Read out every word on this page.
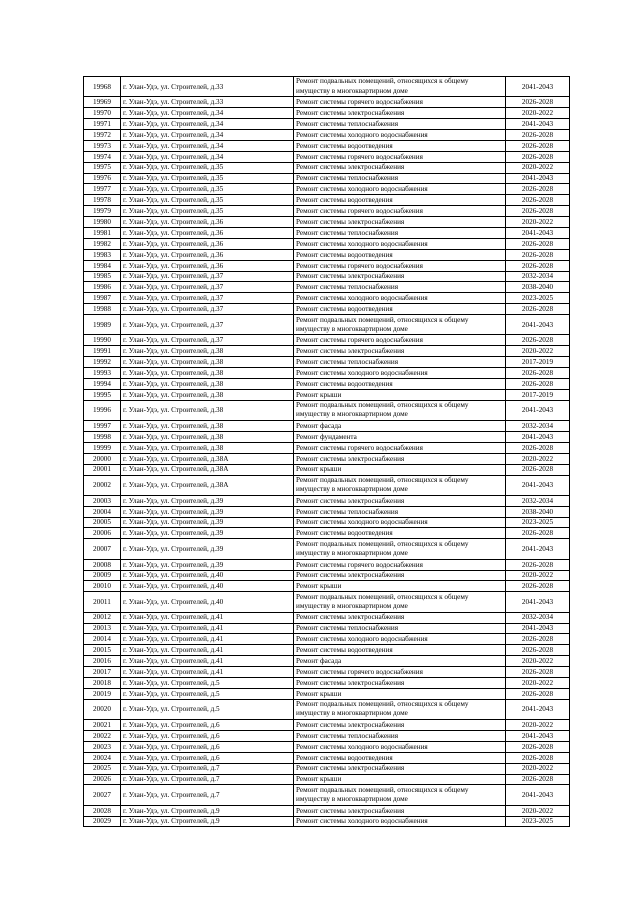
19968	г. Улан-Удэ, ул. Строителей, д.33	Ремонт подвальных помещений, относящихся к общему имуществу в многоквартирном доме	2041-2043
19969	г. Улан-Удэ, ул. Строителей, д.33	Ремонт системы горячего водоснабжения	2026-2028
19970	г. Улан-Удэ, ул. Строителей, д.34	Ремонт системы электроснабжения	2020-2022
19971	г. Улан-Удэ, ул. Строителей, д.34	Ремонт системы теплоснабжения	2041-2043
19972	г. Улан-Удэ, ул. Строителей, д.34	Ремонт системы холодного водоснабжения	2026-2028
19973	г. Улан-Удэ, ул. Строителей, д.34	Ремонт системы водоотведения	2026-2028
19974	г. Улан-Удэ, ул. Строителей, д.34	Ремонт системы горячего водоснабжения	2026-2028
19975	г. Улан-Удэ, ул. Строителей, д.35	Ремонт системы электроснабжения	2020-2022
19976	г. Улан-Удэ, ул. Строителей, д.35	Ремонт системы теплоснабжения	2041-2043
19977	г. Улан-Удэ, ул. Строителей, д.35	Ремонт системы холодного водоснабжения	2026-2028
19978	г. Улан-Удэ, ул. Строителей, д.35	Ремонт системы водоотведения	2026-2028
19979	г. Улан-Удэ, ул. Строителей, д.35	Ремонт системы горячего водоснабжения	2026-2028
19980	г. Улан-Удэ, ул. Строителей, д.36	Ремонт системы электроснабжения	2020-2022
19981	г. Улан-Удэ, ул. Строителей, д.36	Ремонт системы теплоснабжения	2041-2043
19982	г. Улан-Удэ, ул. Строителей, д.36	Ремонт системы холодного водоснабжения	2026-2028
19983	г. Улан-Удэ, ул. Строителей, д.36	Ремонт системы водоотведения	2026-2028
19984	г. Улан-Удэ, ул. Строителей, д.36	Ремонт системы горячего водоснабжения	2026-2028
19985	г. Улан-Удэ, ул. Строителей, д.37	Ремонт системы электроснабжения	2032-2034
19986	г. Улан-Удэ, ул. Строителей, д.37	Ремонт системы теплоснабжения	2038-2040
19987	г. Улан-Удэ, ул. Строителей, д.37	Ремонт системы холодного водоснабжения	2023-2025
19988	г. Улан-Удэ, ул. Строителей, д.37	Ремонт системы водоотведения	2026-2028
19989	г. Улан-Удэ, ул. Строителей, д.37	Ремонт подвальных помещений, относящихся к общему имуществу в многоквартирном доме	2041-2043
19990	г. Улан-Удэ, ул. Строителей, д.37	Ремонт системы горячего водоснабжения	2026-2028
19991	г. Улан-Удэ, ул. Строителей, д.38	Ремонт системы электроснабжения	2020-2022
19992	г. Улан-Удэ, ул. Строителей, д.38	Ремонт системы теплоснабжения	2017-2019
19993	г. Улан-Удэ, ул. Строителей, д.38	Ремонт системы холодного водоснабжения	2026-2028
19994	г. Улан-Удэ, ул. Строителей, д.38	Ремонт системы водоотведения	2026-2028
19995	г. Улан-Удэ, ул. Строителей, д.38	Ремонт крыши	2017-2019
19996	г. Улан-Удэ, ул. Строителей, д.38	Ремонт подвальных помещений, относящихся к общему имуществу в многоквартирном доме	2041-2043
19997	г. Улан-Удэ, ул. Строителей, д.38	Ремонт фасада	2032-2034
19998	г. Улан-Удэ, ул. Строителей, д.38	Ремонт фундамента	2041-2043
19999	г. Улан-Удэ, ул. Строителей, д.38	Ремонт системы горячего водоснабжения	2026-2028
20000	г. Улан-Удэ, ул. Строителей, д.38А	Ремонт системы электроснабжения	2020-2022
20001	г. Улан-Удэ, ул. Строителей, д.38А	Ремонт крыши	2026-2028
20002	г. Улан-Удэ, ул. Строителей, д.38А	Ремонт подвальных помещений, относящихся к общему имуществу в многоквартирном доме	2041-2043
20003	г. Улан-Удэ, ул. Строителей, д.39	Ремонт системы электроснабжения	2032-2034
20004	г. Улан-Удэ, ул. Строителей, д.39	Ремонт системы теплоснабжения	2038-2040
20005	г. Улан-Удэ, ул. Строителей, д.39	Ремонт системы холодного водоснабжения	2023-2025
20006	г. Улан-Удэ, ул. Строителей, д.39	Ремонт системы водоотведения	2026-2028
20007	г. Улан-Удэ, ул. Строителей, д.39	Ремонт подвальных помещений, относящихся к общему имуществу в многоквартирном доме	2041-2043
20008	г. Улан-Удэ, ул. Строителей, д.39	Ремонт системы горячего водоснабжения	2026-2028
20009	г. Улан-Удэ, ул. Строителей, д.40	Ремонт системы электроснабжения	2020-2022
20010	г. Улан-Удэ, ул. Строителей, д.40	Ремонт крыши	2026-2028
20011	г. Улан-Удэ, ул. Строителей, д.40	Ремонт подвальных помещений, относящихся к общему имуществу в многоквартирном доме	2041-2043
20012	г. Улан-Удэ, ул. Строителей, д.41	Ремонт системы электроснабжения	2032-2034
20013	г. Улан-Удэ, ул. Строителей, д.41	Ремонт системы теплоснабжения	2041-2043
20014	г. Улан-Удэ, ул. Строителей, д.41	Ремонт системы холодного водоснабжения	2026-2028
20015	г. Улан-Удэ, ул. Строителей, д.41	Ремонт системы водоотведения	2026-2028
20016	г. Улан-Удэ, ул. Строителей, д.41	Ремонт фасада	2020-2022
20017	г. Улан-Удэ, ул. Строителей, д.41	Ремонт системы горячего водоснабжения	2026-2028
20018	г. Улан-Удэ, ул. Строителей, д.5	Ремонт системы электроснабжения	2020-2022
20019	г. Улан-Удэ, ул. Строителей, д.5	Ремонт крыши	2026-2028
20020	г. Улан-Удэ, ул. Строителей, д.5	Ремонт подвальных помещений, относящихся к общему имуществу в многоквартирном доме	2041-2043
20021	г. Улан-Удэ, ул. Строителей, д.6	Ремонт системы электроснабжения	2020-2022
20022	г. Улан-Удэ, ул. Строителей, д.6	Ремонт системы теплоснабжения	2041-2043
20023	г. Улан-Удэ, ул. Строителей, д.6	Ремонт системы холодного водоснабжения	2026-2028
20024	г. Улан-Удэ, ул. Строителей, д.6	Ремонт системы водоотведения	2026-2028
20025	г. Улан-Удэ, ул. Строителей, д.7	Ремонт системы электроснабжения	2020-2022
20026	г. Улан-Удэ, ул. Строителей, д.7	Ремонт крыши	2026-2028
20027	г. Улан-Удэ, ул. Строителей, д.7	Ремонт подвальных помещений, относящихся к общему имуществу в многоквартирном доме	2041-2043
20028	г. Улан-Удэ, ул. Строителей, д.9	Ремонт системы электроснабжения	2020-2022
20029	г. Улан-Удэ, ул. Строителей, д.9	Ремонт системы холодного водоснабжения	2023-2025
